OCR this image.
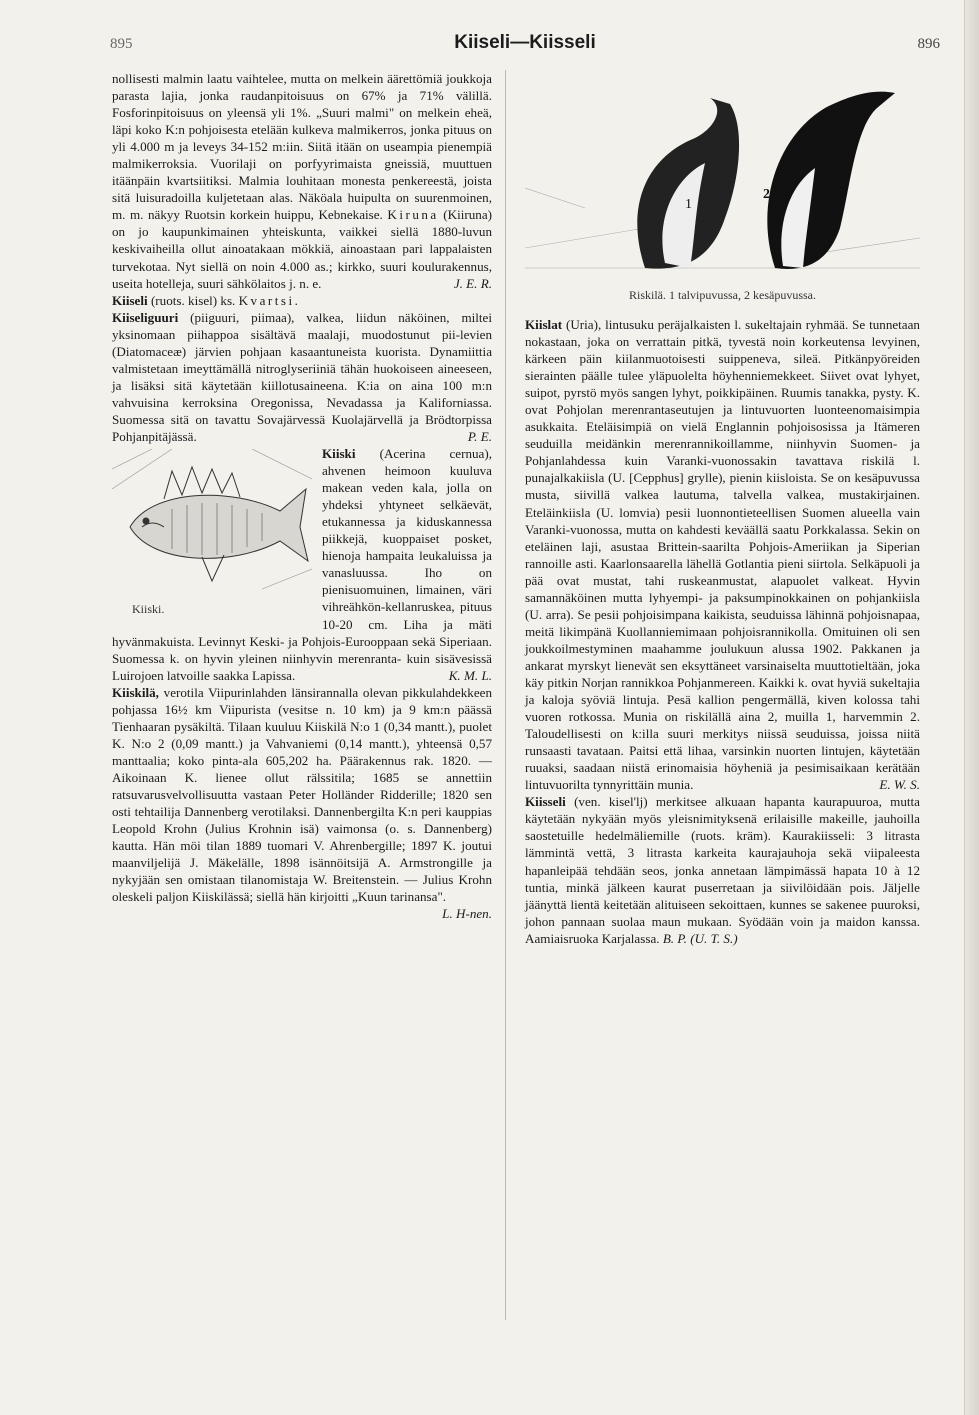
895	Kiiseli—Kiisseli	896

nollisesti malmin laatu vaihtelee, mutta on melkein äärettömiä joukkoja parasta lajia, jonka raudanpitoisuus on 67% ja 71% välillä. Fosforinpitoisuus on yleensä yli 1%. „Suuri malmi" on melkein eheä, läpi koko K:n pohjoisesta etelään kulkeva malmikerros, jonka pituus on yli 4.000 m ja leveys 34-152 m:iin. Siitä itään on useampia pienempiä malmikerroksia. Vuorilaji on porfyyrimaista gneissiä, muuttuen itäänpäin kvartsiitiksi. Malmia louhitaan monesta penkereestä, joista sitä luisuradoilla kuljetetaan alas. Näköala huipulta on suurenmoinen, m. m. näkyy Ruotsin korkein huippu, Kebnekaise. Kiruna (Kiiruna) on jo kaupunkimainen yhteiskunta, vaikkei siellä 1880-luvun keskivaiheilla ollut ainoatakaan mökkiä, ainoastaan pari lappalaisten turvekotaa. Nyt siellä on noin 4.000 as.; kirkko, suuri koulurakennus, useita hotelleja, suuri sähkölaitos j. n. e.	J. E. R.

Kiiseli (ruots. kisel) ks. Kvartsi.

Kiiseliguuri (piiguuri, piimaa), valkea, liidun näköinen, miltei yksinomaan piihappoa sisältävä maalaji, muodostunut pii-levien (Diatomaceæ) järvien pohjaan kasaantuneista kuorista. Dynamiittia valmistetaan imeyttämällä nitroglyseriiniä tähän huokoiseen aineeseen, ja lisäksi sitä käytetään kiillotusaineena. K:ia on aina 100 m:n vahvuisina kerroksina Oregonissa, Nevadassa ja Kaliforniassa. Suomessa sitä on tavattu Sovajärvessä Kuolajärvellä ja Brödtorpissa Pohjanpitäjässä.	P. E.

Kiiski
Kiiski.
(Acerina cernua), ahvenen heimoon kuuluva makean veden kala, jolla on yhdeksi yhtyneet selkäevät, etukannessa ja kiduskannessa piikkejä, kuoppaiset posket, hienoja hampaita leukaluissa ja vanasluussa. Iho on pienisuomuinen, limainen, väri vihreähkön-kellanruskea, pituus 10-20 cm. Liha ja mäti hyvänmakuista. Levinnyt Keski- ja Pohjois-Eurooppaan sekä Siperiaan. Suomessa k. on hyvin yleinen niinhyvin merenranta- kuin sisävesissä Luirojoen latvoille saakka Lapissa.	K. M. L.

Kiiskilä, verotila Viipurinlahden länsirannalla olevan pikkulahdekkeen pohjassa 16½ km Viipurista (vesitse n. 10 km) ja 9 km:n päässä Tienhaaran pysäkiltä. Tilaan kuuluu Kiiskilä N:o 1 (0,34 mantt.), puolet K. N:o 2 (0,09 mantt.) ja Vahvaniemi (0,14 mantt.), yhteensä 0,57 manttaalia; koko pinta-ala 605,202 ha. Päärakennus rak. 1820. — Aikoinaan K. lienee ollut rälssitila; 1685 se annettiin ratsuvarusvelvollisuutta vastaan Peter Holländer Ridderille; 1820 sen osti tehtailija Dannenberg verotilaksi. Dannenbergilta K:n peri kauppias Leopold Krohn (Julius Krohnin isä) vaimonsa (o. s. Dannenberg) kautta. Hän möi tilan 1889 tuomari V. Ahrenbergille; 1897 K. joutui maanviljelijä J. Mäkelälle, 1898 isännöitsijä A. Armstrongille ja nykyjään sen omistaan tilanomistaja W. Breitenstein. — Julius Krohn oleskeli paljon Kiiskilässä; siellä hän kirjoitti „Kuun tarinansa".
L. H-nen.

1
2
Riskilä. 1 talvipuvussa, 2 kesäpuvussa.

Kiislat (Uria), lintusuku peräjalkaisten l. sukeltajain ryhmää. Se tunnetaan nokastaan, joka on verrattain pitkä, tyvestä noin korkeutensa levyinen, kärkeen päin kiilanmuotoisesti suippeneva, sileä. Pitkänpyöreiden sierainten päälle tulee yläpuolelta höyhenniemekkeet. Siivet ovat lyhyet, suipot, pyrstö myös sangen lyhyt, poikkipäinen. Ruumis tanakka, pysty. K. ovat Pohjolan merenrantaseutujen ja lintuvuorten luonteenomaisimpia asukkaita. Eteläisimpiä on vielä Englannin pohjoisosissa ja Itämeren seuduilla meidänkin merenrannikoillamme, niinhyvin Suomen- ja Pohjanlahdessa kuin Varanki-vuonossakin tavattava riskilä l. punajalkakiisla (U. [Cepphus] grylle), pienin kiisloista. Se on kesäpuvussa musta, siivillä valkea lautuma, talvella valkea, mustakirjainen. Eteläinkiisla (U. lomvia) pesii luonnontieteellisen Suomen alueella vain Varanki-vuonossa, mutta on kahdesti keväällä saatu Porkkalassa. Sekin on eteläinen laji, asustaa Brittein-saarilta Pohjois-Ameriikan ja Siperian rannoille asti. Kaarlonsaarella lähellä Gotlantia pieni siirtola. Selkäpuoli ja pää ovat mustat, tahi ruskeanmustat, alapuolet valkeat. Hyvin samannäköinen mutta lyhyempi- ja paksumpinokkainen on pohjankiisla (U. arra). Se pesii pohjoisimpana kaikista, seuduissa lähinnä pohjoisnapaa, meitä likimpänä Kuollanniemimaan pohjoisrannikolla. Omituinen oli sen joukkoilmestyminen maahamme joulukuun alussa 1902. Pakkanen ja ankarat myrskyt lienevät sen eksyttäneet varsinaiselta muuttotieltään, joka käy pitkin Norjan rannikkoa Pohjanmereen. Kaikki k. ovat hyviä sukeltajia ja kaloja syöviä lintuja. Pesä kallion pengermällä, kiven kolossa tahi vuoren rotkossa. Munia on riskilällä aina 2, muilla 1, harvemmin 2. Taloudellisesti on k:illa suuri merkitys niissä seuduissa, joissa niitä runsaasti tavataan. Paitsi että lihaa, varsinkin nuorten lintujen, käytetään ruuaksi, saadaan niistä erinomaisia höyheniä ja pesimisaikaan kerätään lintuvuorilta tynnyrittäin munia.	E. W. S.

Kiisseli (ven. kisel'lj) merkitsee alkuaan hapanta kaurapuuroa, mutta käytetään nykyään myös yleisnimityksenä erilaisille makeille, jauhoilla saostetuille hedelmäliemille (ruots. kräm). Kaurakiisseli: 3 litrasta lämmintä vettä, 3 litrasta karkeita kaurajauhoja sekä viipaleesta hapanleipää tehdään seos, jonka annetaan lämpimässä hapata 10 à 12 tuntia, minkä jälkeen kaurat puserretaan ja siivilöidään pois. Jäljelle jäänyttä lientä keitetään alituiseen sekoittaen, kunnes se sakenee puuroksi, johon pannaan suolaa maun mukaan. Syödään voin ja maidon kanssa. Aamiaisruoka Karjalassa. B. P. (U. T. S.)
